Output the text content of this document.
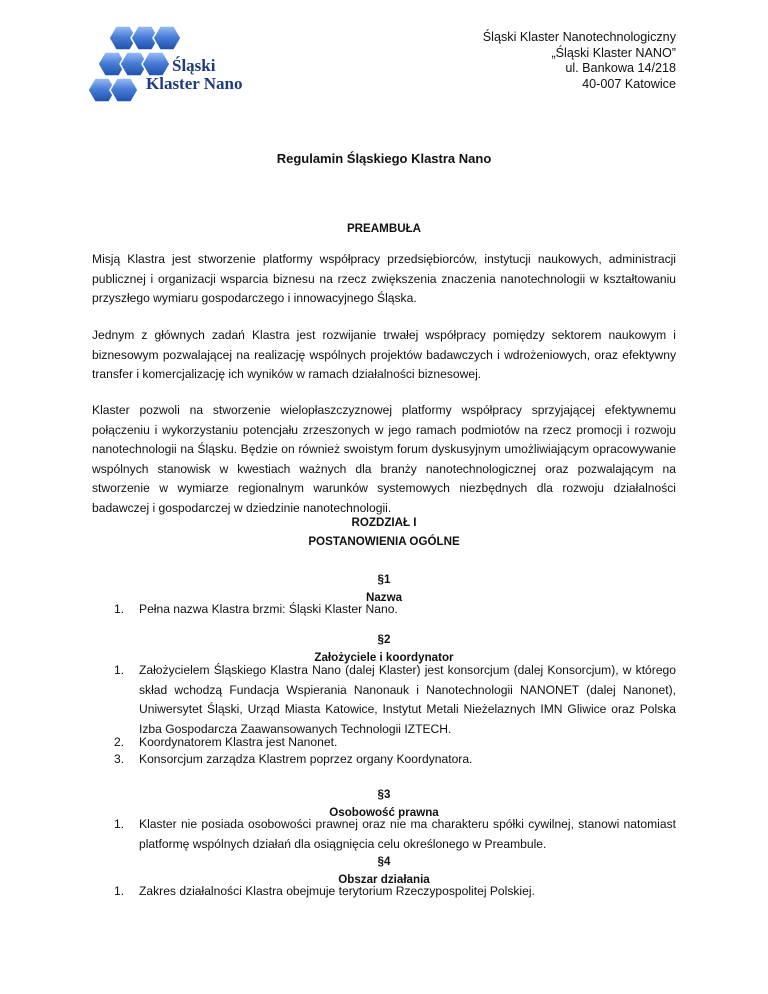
Śląski
Klaster Nano
Śląski Klaster Nanotechnologiczny
„Śląski Klaster NANO”
ul. Bankowa 14/218
40-007 Katowice
Regulamin Śląskiego Klastra Nano
PREAMBUŁA
Misją Klastra jest stworzenie platformy współpracy przedsiębiorców, instytucji naukowych, administracji publicznej i organizacji wsparcia biznesu na rzecz zwiększenia znaczenia nanotechnologii w kształtowaniu przyszłego wymiaru gospodarczego i innowacyjnego Śląska.
Jednym z głównych zadań Klastra jest rozwijanie trwałej współpracy pomiędzy sektorem naukowym i biznesowym pozwalającej na realizację wspólnych projektów badawczych i wdrożeniowych, oraz efektywny transfer i komercjalizację ich wyników w ramach działalności biznesowej.
Klaster pozwoli na stworzenie wielopłaszczyznowej platformy współpracy sprzyjającej efektywnemu połączeniu i wykorzystaniu potencjału zrzeszonych w jego ramach podmiotów na rzecz promocji i rozwoju nanotechnologii na Śląsku. Będzie on również swoistym forum dyskusyjnym umożliwiającym opracowywanie wspólnych stanowisk w kwestiach ważnych dla branży nanotechnologicznej oraz pozwalającym na stworzenie w wymiarze regionalnym warunków systemowych niezbędnych dla rozwoju działalności badawczej i gospodarczej w dziedzinie nanotechnologii.
ROZDZIAŁ I
POSTANOWIENIA OGÓLNE
§1
Nazwa
1. Pełna nazwa Klastra brzmi: Śląski Klaster Nano.
§2
Założyciele i koordynator
1. Założycielem Śląskiego Klastra Nano (dalej Klaster) jest konsorcjum (dalej Konsorcjum), w którego skład wchodzą Fundacja Wspierania Nanonauk i Nanotechnologii NANONET (dalej Nanonet), Uniwersytet Śląski, Urząd Miasta Katowice, Instytut Metali Nieżelaznych IMN Gliwice oraz Polska Izba Gospodarcza Zaawansowanych Technologii IZTECH.
2. Koordynatorem Klastra jest Nanonet.
3. Konsorcjum zarządza Klastrem poprzez organy Koordynatora.
§3
Osobowość prawna
1. Klaster nie posiada osobowości prawnej oraz nie ma charakteru spółki cywilnej, stanowi natomiast platformę wspólnych działań dla osiągnięcia celu określonego w Preambule.
§4
Obszar działania
1. Zakres działalności Klastra obejmuje terytorium Rzeczypospolitej Polskiej.
